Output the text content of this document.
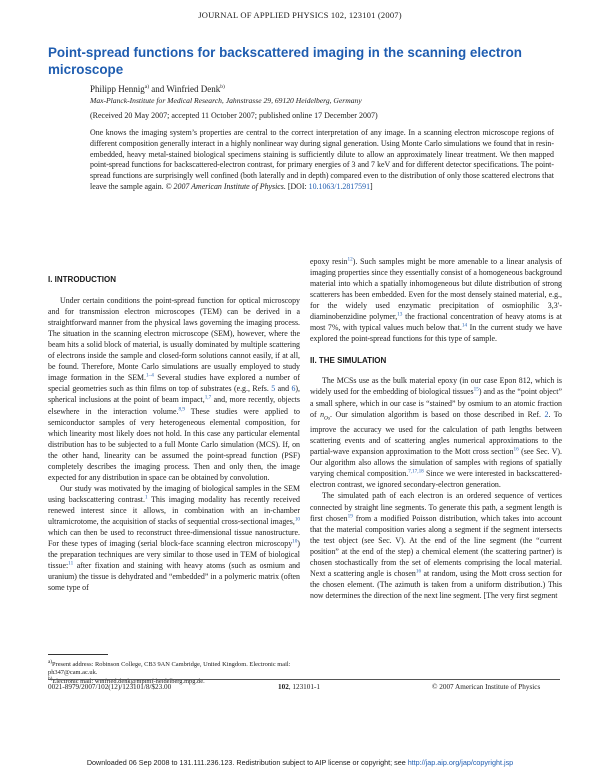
JOURNAL OF APPLIED PHYSICS 102, 123101 (2007)
Point-spread functions for backscattered imaging in the scanning electron microscope
Philipp Hennig$^{a)}$ and Winfried Denk$^{b)}$
Max-Planck-Institute for Medical Research, Jahnstrasse 29, 69120 Heidelberg, Germany
(Received 20 May 2007; accepted 11 October 2007; published online 17 December 2007)
One knows the imaging system’s properties are central to the correct interpretation of any image. In a scanning electron microscope regions of different composition generally interact in a highly nonlinear way during signal generation. Using Monte Carlo simulations we found that in resin-embedded, heavy metal-stained biological specimens staining is sufficiently dilute to allow an approximately linear treatment. We then mapped point-spread functions for backscattered-electron contrast, for primary energies of 3 and 7 keV and for different detector specifications. The point-spread functions are surprisingly well confined (both laterally and in depth) compared even to the distribution of only those scattered electrons that leave the sample again. © 2007 American Institute of Physics. [DOI: 10.1063/1.2817591]
I. INTRODUCTION

Under certain conditions the point-spread function for optical microscopy and for transmission electron microscopes (TEM) can be derived in a straightforward manner from the physical laws governing the imaging process. The situation in the scanning electron microscope (SEM), however, where the beam hits a solid block of material, is usually dominated by multiple scattering of electrons inside the sample and closed-form solutions cannot easily, if at all, be found. Therefore, Monte Carlo simulations are usually employed to study image formation in the SEM.$^{1-4}$ Several studies have explored a number of special geometries such as thin films on top of substrates (e.g., Refs. 5 and 6), spherical inclusions at the point of beam impact,$^{1,7}$ and, more recently, objects elsewhere in the interaction volume.$^{8,9}$ These studies were applied to semiconductor samples of very heterogeneous elemental composition, for which linearity most likely does not hold. In this case any particular elemental distribution has to be subjected to a full Monte Carlo simulation (MCS). If, on the other hand, linearity can be assumed the point-spread function (PSF) completely describes the imaging process. Then and only then, the image expected for any distribution in space can be obtained by convolution.

Our study was motivated by the imaging of biological samples in the SEM using backscattering contrast.$^1$ This imaging modality has recently received renewed interest since it allows, in combination with an in-chamber ultramicrotome, the acquisition of stacks of sequential cross-sectional images,$^{10}$ which can then be used to reconstruct three-dimensional tissue nanostructure. For these types of imaging (serial block-face scanning electron microscopy$^{10}$) the preparation techniques are very similar to those used in TEM of biological tissue:$^{11}$ after fixation and staining with heavy atoms (such as osmium and uranium) the tissue is dehydrated and “embedded” in a polymeric matrix (often some type of

epoxy resin$^{12}$). Such samples might be more amenable to a linear analysis of imaging properties since they essentially consist of a homogeneous background material into which a spatially inhomogeneous but dilute distribution of strong scatterers has been embedded. Even for the most densely stained material, e.g., for the widely used enzymatic precipitation of osmiophilic 3,3′-diaminobenzidine polymer,$^{13}$ the fractional concentration of heavy atoms is at most 7%, with typical values much below that.$^{14}$ In the current study we have explored the point-spread functions for this type of sample.

II. THE SIMULATION

The MCSs use as the bulk material epoxy (in our case Epon 812, which is widely used for the embedding of biological tissues$^{15}$) and as the “point object” a small sphere, which in our case is “stained” by osmium to an atomic fraction of $n_{Os}$. Our simulation algorithm is based on those described in Ref. 2. To improve the accuracy we used for the calculation of path lengths between scattering events and of scattering angles numerical approximations to the partial-wave expansion approximation to the Mott cross section$^{16}$ (see Sec. V). Our algorithm also allows the simulation of samples with regions of spatially varying chemical composition.$^{7,17,18}$ Since we were interested in backscattered-electron contrast, we ignored secondary-electron generation.

The simulated path of each electron is an ordered sequence of vertices connected by straight line segments. To generate this path, a segment length is first chosen$^{19}$ from a modified Poisson distribution, which takes into account that the material composition varies along a segment if the segment intersects the test object (see Sec. V). At the end of the line segment (the “current position” at the end of the step) a chemical element (the scattering partner) is chosen stochastically from the set of elements comprising the local material. Next a scattering angle is chosen$^{16}$ at random, using the Mott cross section for the chosen element. (The azimuth is taken from a uniform distribution.) This now determines the direction of the next line segment. [The very first segment

$^{a)}$Present address: Robinson College, CB3 9AN Cambridge, United Kingdom. Electronic mail: ph347@cam.ac.uk.
$^{b)}$Electronic mail: winfried.denk@mpimf-heidelberg.mpg.de.
0021-8979/2007/102(12)/123101/8/$23.00	102, 123101-1	© 2007 American Institute of Physics
Downloaded 06 Sep 2008 to 131.111.236.123. Redistribution subject to AIP license or copyright; see http://jap.aip.org/jap/copyright.jsp
